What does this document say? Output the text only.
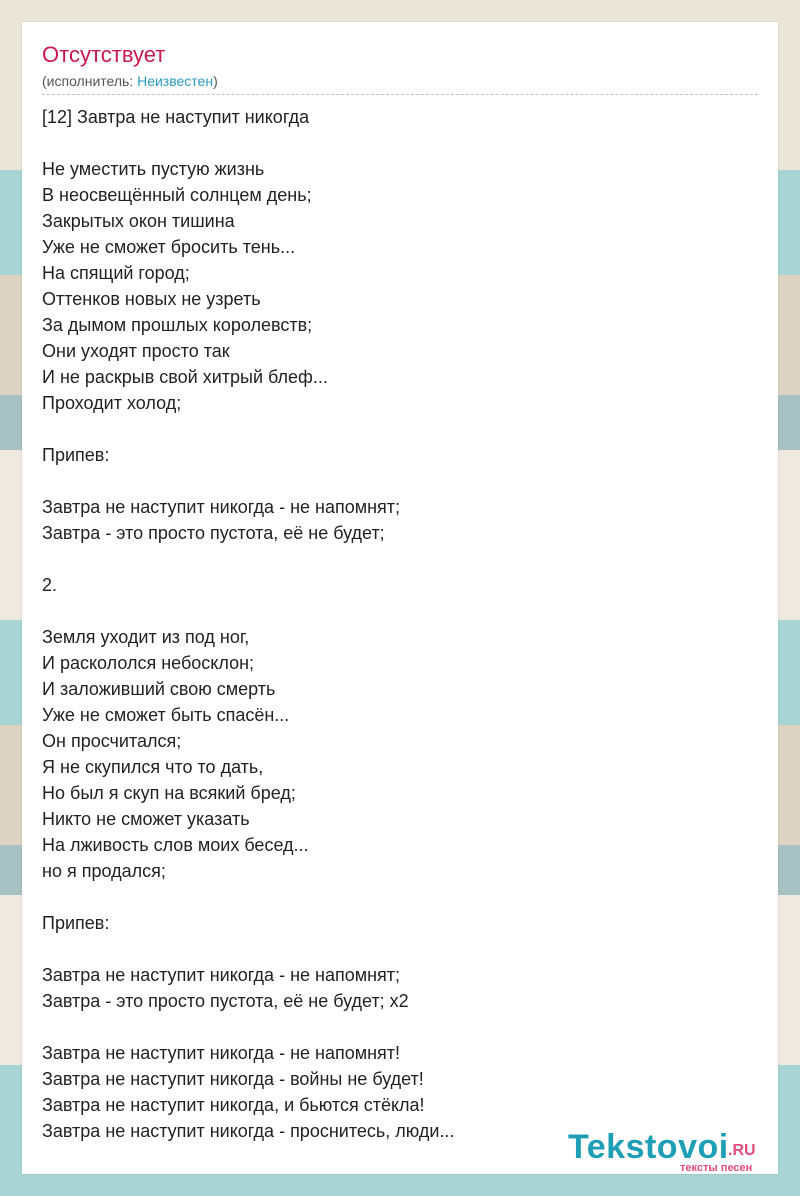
Отсутствует
(исполнитель: Неизвестен)
[12] Завтра не наступит никогда

Не уместить пустую жизнь
В неосвещённый солнцем день;
Закрытых окон тишина
Уже не сможет бросить тень...
На спящий город;
Оттенков новых не узреть
За дымом прошлых королевств;
Они уходят просто так
И не раскрыв свой хитрый блеф...
Проходит холод;

Припев:

Завтра не наступит никогда - не напомнят;
Завтра - это просто пустота, её не будет;

2.

Земля уходит из под ног,
И раскололся небосклон;
И заложивший свою смерть
Уже не сможет быть спасён...
Он просчитался;
Я не скупился что то дать,
Но был я скуп на всякий бред;
Никто не сможет указать
На лживость слов моих бесед...
но я продался;

Припев:

Завтра не наступит никогда - не напомнят;
Завтра - это просто пустота, её не будет; x2

Завтра не наступит никогда - не напомнят!
Завтра не наступит никогда - войны не будет!
Завтра не наступит никогда, и бьются стёкла!
Завтра не наступит никогда - проснитесь, люди...	Tekstovoi .RU
тексты песен
